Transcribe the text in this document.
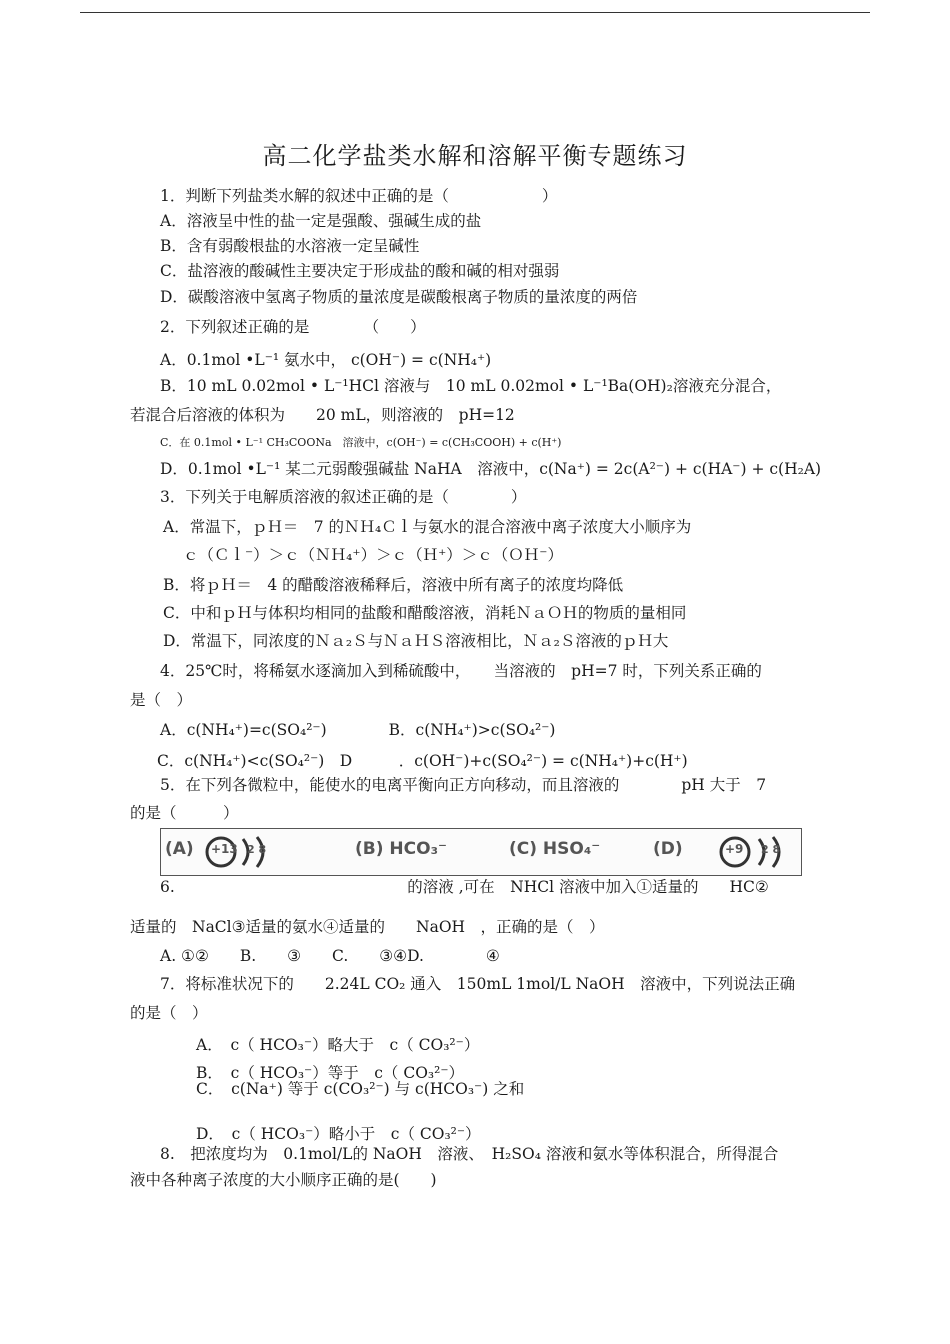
高二化学盐类水解和溶解平衡专题练习
1．判断下列盐类水解的叙述中正确的是（　　　　　　）
A．溶液呈中性的盐一定是强酸、强碱生成的盐
B．含有弱酸根盐的水溶液一定呈碱性
C．盐溶液的酸碱性主要决定于形成盐的酸和碱的相对强弱
D．碳酸溶液中氢离子物质的量浓度是碳酸根离子物质的量浓度的两倍
2．下列叙述正确的是　　　　（　　）
A．0.1mol •L⁻¹ 氨水中， c(OH⁻) = c(NH₄⁺)
B．10 mL 0.02mol • L⁻¹HCl 溶液与　10 mL 0.02mol • L⁻¹Ba(OH)₂溶液充分混合，
若混合后溶液的体积为　　20 mL，则溶液的　pH=12
C．在 0.1mol • L⁻¹ CH₃COONa　溶液中，c(OH⁻) = c(CH₃COOH) + c(H⁺)
D．0.1mol •L⁻¹ 某二元弱酸强碱盐 NaHA　溶液中，c(Na⁺) = 2c(A²⁻) + c(HA⁻) + c(H₂A)
3．下列关于电解质溶液的叙述正确的是（　　　　）
A．常温下，ｐＨ＝　7 的ＮＨ₄Ｃｌ与氨水的混合溶液中离子浓度大小顺序为
ｃ（Ｃｌ⁻）＞ｃ（ＮＨ₄⁺）＞ｃ（Ｈ⁺）＞ｃ（ＯＨ⁻）
B．将ｐＨ＝　4 的醋酸溶液稀释后，溶液中所有离子的浓度均降低
C．中和ｐＨ与体积均相同的盐酸和醋酸溶液，消耗ＮａＯＨ的物质的量相同
D．常温下，同浓度的Ｎａ₂Ｓ与ＮａＨＳ溶液相比，Ｎａ₂Ｓ溶液的ｐＨ大
4．25℃时，将稀氨水逐滴加入到稀硫酸中，　　当溶液的　pH=7 时，下列关系正确的
是（　）
A．c(NH₄⁺)=c(SO₄²⁻)　　　　B．c(NH₄⁺)>c(SO₄²⁻)
C．c(NH₄⁺)<c(SO₄²⁻)　D　　　．c(OH⁻)+c(SO₄²⁻) = c(NH₄⁺)+c(H⁺)
5．在下列各微粒中，能使水的电离平衡向正方向移动，而且溶液的　　　　pH 大于　7
的是（　　　）
(A) +13 2 8	(B) HCO₃⁻	(C) HSO₄⁻	(D)	+9 2 8
6.　　　　　　　　　　　　　　　的溶液 ,可在　NHCl 溶液中加入①适量的　　HC②
适量的　NaCl③适量的氨水④适量的　　NaOH　，正确的是（　）
A. ①②　　B.　　③　　C.　　③④D.　　　　④
7．将标准状况下的　　2.24L CO₂ 通入　150mL 1mol/L NaOH　溶液中，下列说法正确
的是（　）
A．　c（ HCO₃⁻）略大于　c（ CO₃²⁻）
B．　c（ HCO₃⁻）等于　c（ CO₃²⁻）
C．　c(Na⁺) 等于 c(CO₃²⁻) 与 c(HCO₃⁻) 之和
D．　c（ HCO₃⁻）略小于　c（ CO₃²⁻）
8.　把浓度均为　0.1mol/L的 NaOH　溶液、　H₂SO₄ 溶液和氨水等体积混合，所得混合
液中各种离子浓度的大小顺序正确的是(　　)
